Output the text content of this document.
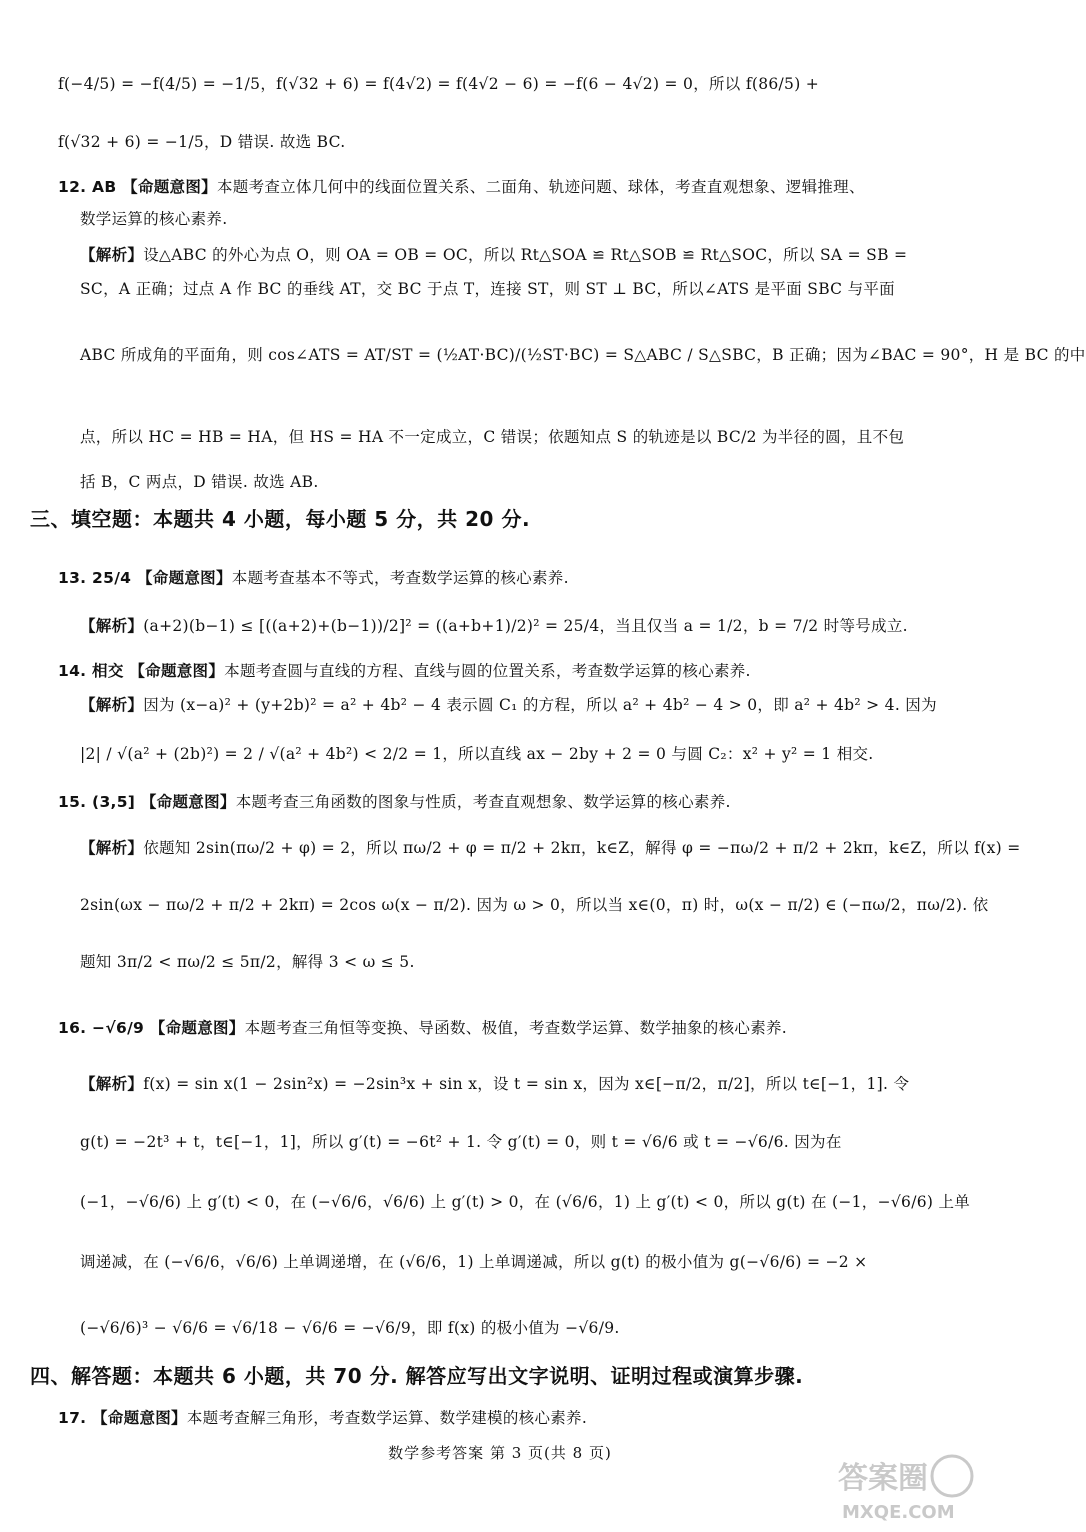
f(−4/5) = −f(4/5) = −1/5，f(√32 + 6) = f(4√2) = f(4√2 − 6) = −f(6 − 4√2) = 0，所以 f(86/5) +
f(√32 + 6) = −1/5，D 错误. 故选 BC.
12. AB 【命题意图】本题考查立体几何中的线面位置关系、二面角、轨迹问题、球体，考查直观想象、逻辑推理、
数学运算的核心素养.
【解析】设△ABC 的外心为点 O，则 OA = OB = OC，所以 Rt△SOA ≌ Rt△SOB ≌ Rt△SOC，所以 SA = SB =
SC，A 正确；过点 A 作 BC 的垂线 AT，交 BC 于点 T，连接 ST，则 ST ⊥ BC，所以∠ATS 是平面 SBC 与平面
ABC 所成角的平面角，则 cos∠ATS = AT/ST = (½AT·BC)/(½ST·BC) = S△ABC / S△SBC，B 正确；因为∠BAC = 90°，H 是 BC 的中
点，所以 HC = HB = HA，但 HS = HA 不一定成立，C 错误；依题知点 S 的轨迹是以 BC/2 为半径的圆，且不包
括 B，C 两点，D 错误. 故选 AB.
13. 25/4 【命题意图】本题考查基本不等式，考查数学运算的核心素养.
【解析】(a+2)(b−1) ≤ [((a+2)+(b−1))/2]² = ((a+b+1)/2)² = 25/4，当且仅当 a = 1/2，b = 7/2 时等号成立.
14. 相交 【命题意图】本题考查圆与直线的方程、直线与圆的位置关系，考查数学运算的核心素养.
【解析】因为 (x−a)² + (y+2b)² = a² + 4b² − 4 表示圆 C₁ 的方程，所以 a² + 4b² − 4 > 0，即 a² + 4b² > 4. 因为
|2| / √(a² + (2b)²) = 2 / √(a² + 4b²) < 2/2 = 1，所以直线 ax − 2by + 2 = 0 与圆 C₂：x² + y² = 1 相交.
15. (3,5] 【命题意图】本题考查三角函数的图象与性质，考查直观想象、数学运算的核心素养.
【解析】依题知 2sin(πω/2 + φ) = 2，所以 πω/2 + φ = π/2 + 2kπ，k∈Z，解得 φ = −πω/2 + π/2 + 2kπ，k∈Z，所以 f(x) =
2sin(ωx − πω/2 + π/2 + 2kπ) = 2cos ω(x − π/2). 因为 ω > 0，所以当 x∈(0，π) 时，ω(x − π/2) ∈ (−πω/2，πω/2). 依
题知 3π/2 < πω/2 ≤ 5π/2，解得 3 < ω ≤ 5.
16. −√6/9 【命题意图】本题考查三角恒等变换、导函数、极值，考查数学运算、数学抽象的核心素养.
【解析】f(x) = sin x(1 − 2sin²x) = −2sin³x + sin x，设 t = sin x，因为 x∈[−π/2，π/2]，所以 t∈[−1，1]. 令
g(t) = −2t³ + t，t∈[−1，1]，所以 g′(t) = −6t² + 1. 令 g′(t) = 0，则 t = √6/6 或 t = −√6/6. 因为在
(−1，−√6/6) 上 g′(t) < 0，在 (−√6/6，√6/6) 上 g′(t) > 0，在 (√6/6，1) 上 g′(t) < 0，所以 g(t) 在 (−1，−√6/6) 上单
调递减，在 (−√6/6，√6/6) 上单调递增，在 (√6/6，1) 上单调递减，所以 g(t) 的极小值为 g(−√6/6) = −2 ×
(−√6/6)³ − √6/6 = √6/18 − √6/6 = −√6/9，即 f(x) 的极小值为 −√6/9.
17. 【命题意图】本题考查解三角形，考查数学运算、数学建模的核心素养.
三、填空题：本题共 4 小题，每小题 5 分，共 20 分.
四、解答题：本题共 6 小题，共 70 分. 解答应写出文字说明、证明过程或演算步骤.
数学参考答案 第 3 页(共 8 页)
答案圈
MXQE.COM
